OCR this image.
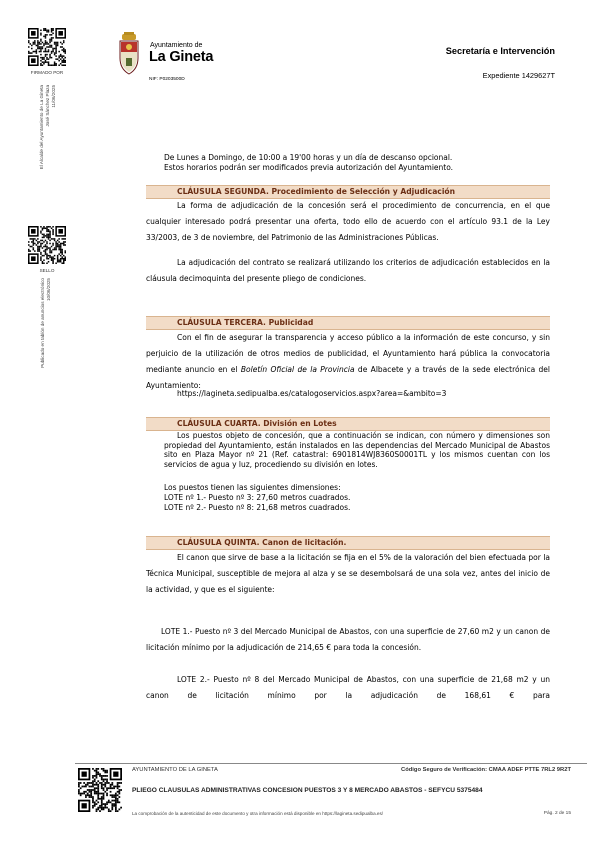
FIRMADO POR
El Alcalde del Ayuntamiento de La Gineta
José Sánchez Plaza
11/06/2025
SELLO
Publicado en tablón de anuncios electrónico
10/06/2025
Ayuntamiento de
La Gineta
NIF: P0203500D
Secretaría e Intervención
Expediente 1429627T
De Lunes a Domingo, de 10:00 a 19'00 horas y un día de descanso opcional.
Estos horarios podrán ser modificados previa autorización del Ayuntamiento.
CLÁUSULA SEGUNDA. Procedimiento de Selección y Adjudicación
La forma de adjudicación de la concesión será el procedimiento de concurrencia, en el que cualquier interesado podrá presentar una oferta, todo ello de acuerdo con el artículo 93.1 de la Ley 33/2003, de 3 de noviembre, del Patrimonio de las Administraciones Públicas.
La adjudicación del contrato se realizará utilizando los criterios de adjudicación establecidos en la cláusula decimoquinta del presente pliego de condiciones.
CLÁUSULA TERCERA. Publicidad
Con el fin de asegurar la transparencia y acceso público a la información de este concurso, y sin perjuicio de la utilización de otros medios de publicidad, el Ayuntamiento hará pública la convocatoria mediante anuncio en el Boletín Oficial de la Provincia de Albacete y a través de la sede electrónica del Ayuntamiento:
https://lagineta.sedipualba.es/catalogoservicios.aspx?area=&ambito=3
CLÁUSULA CUARTA. División en Lotes
Los puestos objeto de concesión, que a continuación se indican, con número y dimensiones son propiedad del Ayuntamiento, están instalados en las dependencias del Mercado Municipal de Abastos sito en Plaza Mayor nº 21 (Ref. catastral: 6901814WJ8360S0001TL y los mismos cuentan con los servicios de agua y luz, procediendo su división en lotes.
Los puestos tienen las siguientes dimensiones:
LOTE nº 1.- Puesto nº 3: 27,60 metros cuadrados.
LOTE nº 2.- Puesto nº 8: 21,68 metros cuadrados.
CLÁUSULA QUINTA. Canon de licitación.
El canon que sirve de base a la licitación se fija en el 5% de la valoración del bien efectuada por la Técnica Municipal, susceptible de mejora al alza y se se desembolsará de una sola vez, antes del inicio de la actividad, y que es el siguiente:
LOTE 1.- Puesto nº 3 del Mercado Municipal de Abastos, con una superficie de 27,60 m2 y un canon de licitación mínimo por la adjudicación de 214,65 € para toda la concesión.
LOTE 2.- Puesto nº 8 del Mercado Municipal de Abastos, con una superficie de 21,68 m2 y un canon de licitación mínimo por la adjudicación de 168,61 € para
AYUNTAMIENTO DE LA GINETA	Código Seguro de Verificación: CMAA ADEF PTTE 7RL2 9R2T
PLIEGO CLAUSULAS ADMINISTRATIVAS CONCESION PUESTOS 3 Y 8 MERCADO ABASTOS - SEFYCU 5375484
La comprobación de la autenticidad de este documento y otra información está disponible en https://lagineta.sedipualba.es/	Pág. 2 de 15
